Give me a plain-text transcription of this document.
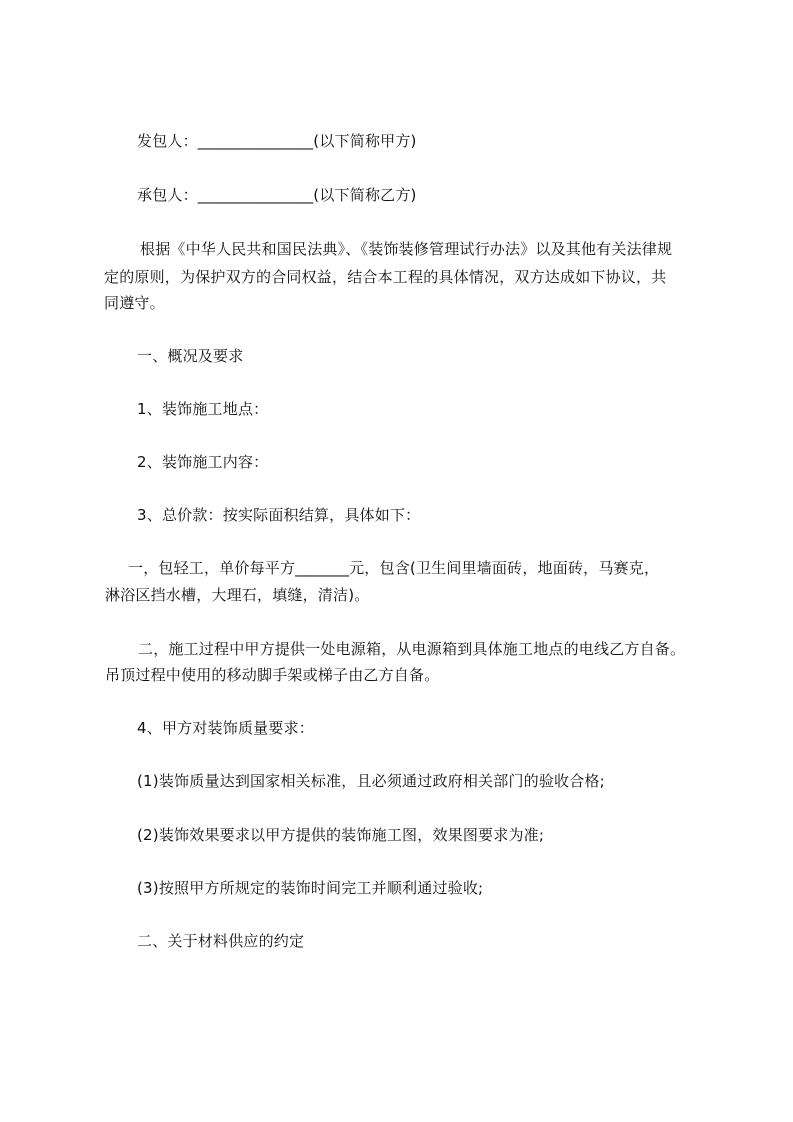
发包人：_______________(以下简称甲方)
承包人：_______________(以下简称乙方)
根据《中华人民共和国民法典》、《装饰装修管理试行办法》以及其他有关法律规
定的原则，为保护双方的合同权益，结合本工程的具体情况，双方达成如下协议，共
同遵守。
一、概况及要求
1、装饰施工地点：
2、装饰施工内容：
3、总价款：按实际面积结算，具体如下：
一，包轻工，单价每平方_______元，包含(卫生间里墙面砖，地面砖，马赛克，
淋浴区挡水槽，大理石，填缝，清洁)。
二，施工过程中甲方提供一处电源箱，从电源箱到具体施工地点的电线乙方自备。
吊顶过程中使用的移动脚手架或梯子由乙方自备。
4、甲方对装饰质量要求：
(1)装饰质量达到国家相关标准，且必须通过政府相关部门的验收合格;
(2)装饰效果要求以甲方提供的装饰施工图，效果图要求为准;
(3)按照甲方所规定的装饰时间完工并顺利通过验收;
二、关于材料供应的约定
